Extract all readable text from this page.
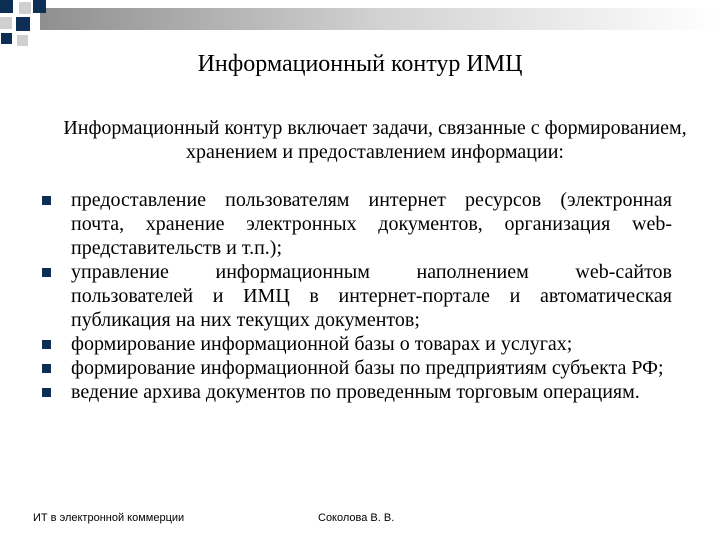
Информационный контур ИМЦ
Информационный контур включает задачи, связанные с формированием, хранением и предоставлением информации:
предоставление пользователям интернет ресурсов (электронная почта, хранение электронных документов, организация web-представительств и т.п.);
управление информационным наполнением web-сайтов пользователей и ИМЦ в интернет-портале и автоматическая публикация на них текущих документов;
формирование информационной базы о товарах и услугах;
формирование информационной базы по предприятиям субъекта РФ;
ведение архива документов по проведенным торговым операциям.
ИТ в электронной коммерции	Соколова В. В.
